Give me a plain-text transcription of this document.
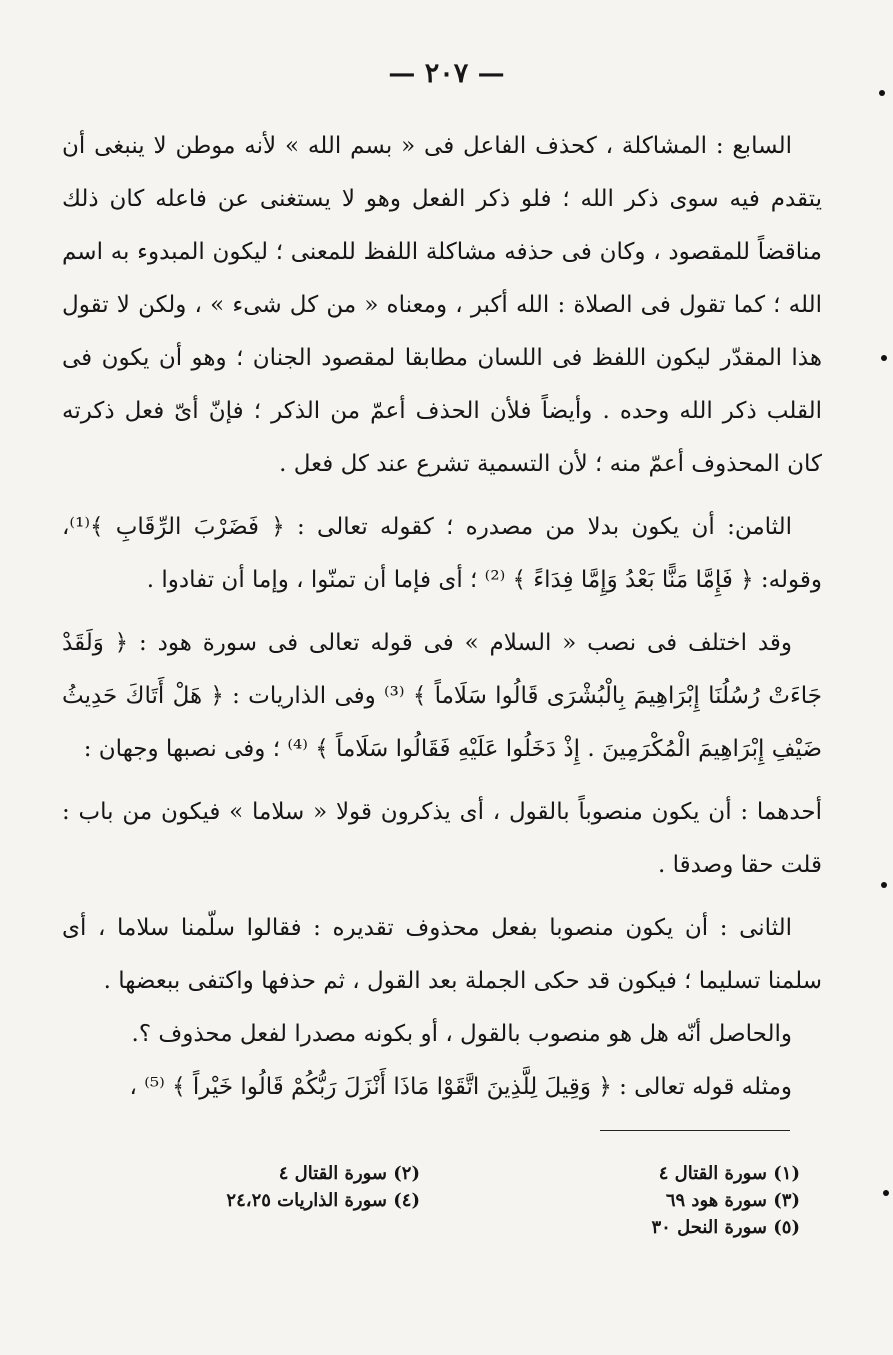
— ٢٠٧ —

السابع : المشاكلة ، كحذف الفاعل فى « بسم الله » لأنه موطن لا ينبغى أن يتقدم فيه سوى ذكر الله ؛ فلو ذكر الفعل وهو لا يستغنى عن فاعله كان ذلك مناقضاً للمقصود ، وكان فى حذفه مشاكلة اللفظ للمعنى ؛ ليكون المبدوء به اسم الله ؛ كما تقول فى الصلاة : الله أكبر ، ومعناه « من كل شىء » ، ولكن لا تقول هذا المقدّر ليكون اللفظ فى اللسان مطابقا لمقصود الجنان ؛ وهو أن يكون فى القلب ذكر الله وحده . وأيضاً فلأن الحذف أعمّ من الذكر ؛ فإنّ أىّ فعل ذكرته كان المحذوف أعمّ منه ؛ لأن التسمية تشرع عند كل فعل .

الثامن: أن يكون بدلا من مصدره ؛ كقوله تعالى : ﴿ فَضَرْبَ الرِّقَابِ ﴾⁽¹⁾، وقوله: ﴿ فَإِمَّا مَنًّا بَعْدُ وَإِمَّا فِدَاءً ﴾ ⁽²⁾ ؛ أى فإما أن تمنّوا ، وإما أن تفادوا .

وقد اختلف فى نصب « السلام » فى قوله تعالى فى سورة هود : ﴿ وَلَقَدْ جَاءَتْ رُسُلُنَا إِبْرَاهِيمَ بِالْبُشْرَى قَالُوا سَلَاماً ﴾ ⁽³⁾ وفى الذاريات : ﴿ هَلْ أَتَاكَ حَدِيثُ ضَيْفِ إِبْرَاهِيمَ الْمُكْرَمِينَ . إِذْ دَخَلُوا عَلَيْهِ فَقَالُوا سَلَاماً ﴾ ⁽⁴⁾ ؛ وفى نصبها وجهان :

أحدهما : أن يكون منصوباً بالقول ، أى يذكرون قولا « سلاما » فيكون من باب : قلت حقا وصدقا .

الثانى : أن يكون منصوبا بفعل محذوف تقديره : فقالوا سلّمنا سلاما ، أى سلمنا تسليما ؛ فيكون قد حكى الجملة بعد القول ، ثم حذفها واكتفى ببعضها .

والحاصل أنّه هل هو منصوب بالقول ، أو بكونه مصدرا لفعل محذوف ؟.

ومثله قوله تعالى : ﴿ وَقِيلَ لِلَّذِينَ اتَّقَوْا مَاذَا أَنْزَلَ رَبُّكُمْ قَالُوا خَيْراً ﴾ ⁽⁵⁾ ،

(١) سورة القتال ٤
(٣) سورة هود ٦٩
(٥) سورة النحل ٣٠
(٢) سورة القتال ٤
(٤) سورة الذاريات ٢٤،٢٥
